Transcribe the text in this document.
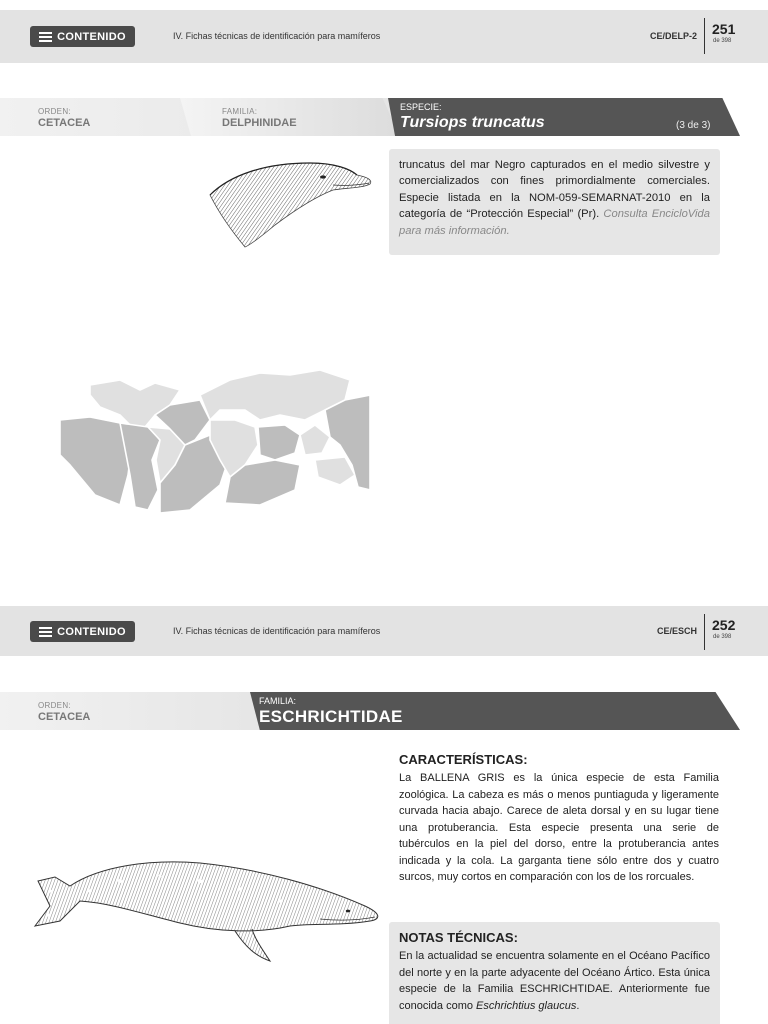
CONTENIDO	IV. Fichas técnicas de identificación para mamíferos	CE/DELP-2 251
de 398
ORDEN:
CETACEA
FAMILIA:
DELPHINIDAE
ESPECIE:
Tursiops truncatus	(3 de 3)
truncatus del mar Negro capturados en el medio silvestre y comercializados con fines primordialmente comerciales. Especie listada en la NOM-059-SEMARNAT-2010 en la categoría de “Protección Especial” (Pr). Consulta EncicloVida para más información.
CONTENIDO	IV. Fichas técnicas de identificación para mamíferos	CE/ESCH 252
de 398
ORDEN:
CETACEA
FAMILIA:
ESCHRICHTIDAE
CARACTERÍSTICAS:
La BALLENA GRIS es la única especie de esta Familia zoológica. La cabeza es más o menos puntiaguda y ligeramente curvada hacia abajo. Carece de aleta dorsal y en su lugar tiene una protuberancia. Esta especie presenta una serie de tubérculos en la piel del dorso, entre la protuberancia antes indicada y la cola. La garganta tiene sólo entre dos y cuatro surcos, muy cortos en comparación con los de los rorcuales.
NOTAS TÉCNICAS:
En la actualidad se encuentra solamente en el Océano Pacífico del norte y en la parte adyacente del Océano Ártico. Esta única especie de la Familia ESCHRICHTIDAE. Anteriormente fue conocida como Eschrichtius glaucus.
